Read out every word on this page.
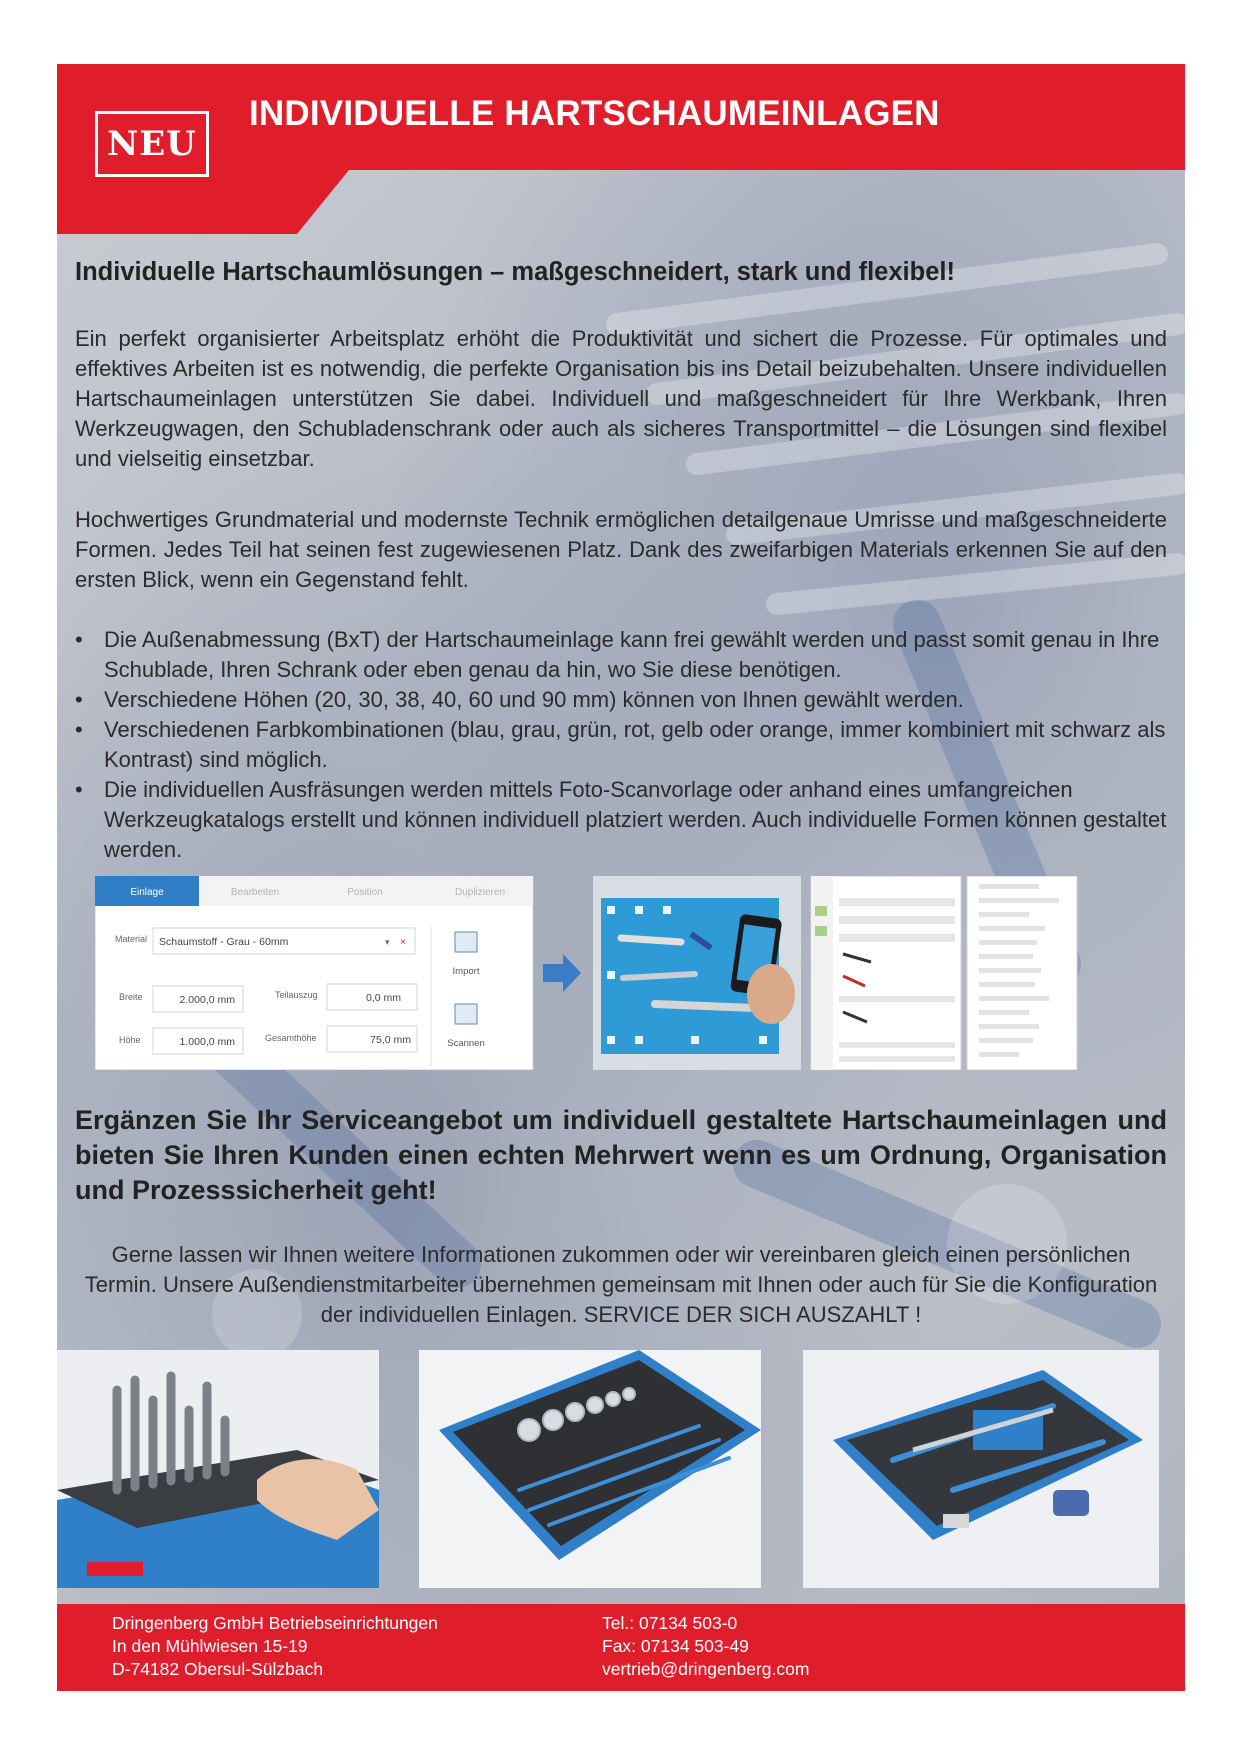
NEU
INDIVIDUELLE HARTSCHAUMEINLAGEN
Individuelle Hartschaumlösungen – maßgeschneidert, stark und flexibel!
Ein perfekt organisierter Arbeitsplatz erhöht die Produktivität und sichert die Prozesse. Für optimales und effektives Arbeiten ist es notwendig, die perfekte Organisation bis ins Detail beizubehalten. Unsere individuellen Hartschaumeinlagen unterstützen Sie dabei. Individuell und maßgeschneidert für Ihre Werkbank, Ihren Werkzeugwagen, den Schubladenschrank oder auch als sicheres Transportmittel – die Lösungen sind flexibel und vielseitig einsetzbar.
Hochwertiges Grundmaterial und modernste Technik ermöglichen detailgenaue Umrisse und maßgeschneiderte Formen. Jedes Teil hat seinen fest zugewiesenen Platz. Dank des zweifarbigen Materials erkennen Sie auf den ersten Blick, wenn ein Gegenstand fehlt.
• Die Außenabmessung (BxT) der Hartschaumeinlage kann frei gewählt werden und passt somit genau in Ihre Schublade, Ihren Schrank oder eben genau da hin, wo Sie diese benötigen.
• Verschiedene Höhen (20, 30, 38, 40, 60 und 90 mm) können von Ihnen gewählt werden.
• Verschiedenen Farbkombinationen (blau, grau, grün, rot, gelb oder orange, immer kombiniert mit schwarz als Kontrast) sind möglich.
• Die individuellen Ausfräsungen werden mittels Foto-Scanvorlage oder anhand eines umfangreichen Werkzeugkatalogs erstellt und können individuell platziert werden. Auch individuelle Formen können gestaltet werden.
Einlage	Bearbeiten	Position	Duplizieren
Material Schaumstoff - Grau - 60mm	▾ ×
Import
Scannen
Breite	2.000,0 mm
Höhe	1.000,0 mm
Teilauszug	0,0 mm
Gesamthöhe	75,0 mm
Ergänzen Sie Ihr Serviceangebot um individuell gestaltete Hartschaumeinlagen und bieten Sie Ihren Kunden einen echten Mehrwert wenn es um Ordnung, Organisation und Prozesssicherheit geht!
Gerne lassen wir Ihnen weitere Informationen zukommen oder wir vereinbaren gleich einen persönlichen Termin. Unsere Außendienstmitarbeiter übernehmen gemeinsam mit Ihnen oder auch für Sie die Konfiguration der individuellen Einlagen. SERVICE DER SICH AUSZAHLT !
Dringenberg GmbH Betriebseinrichtungen
In den Mühlwiesen 15-19
D-74182 Obersul-Sülzbach
Tel.: 07134 503-0
Fax: 07134 503-49
vertrieb@dringenberg.com
